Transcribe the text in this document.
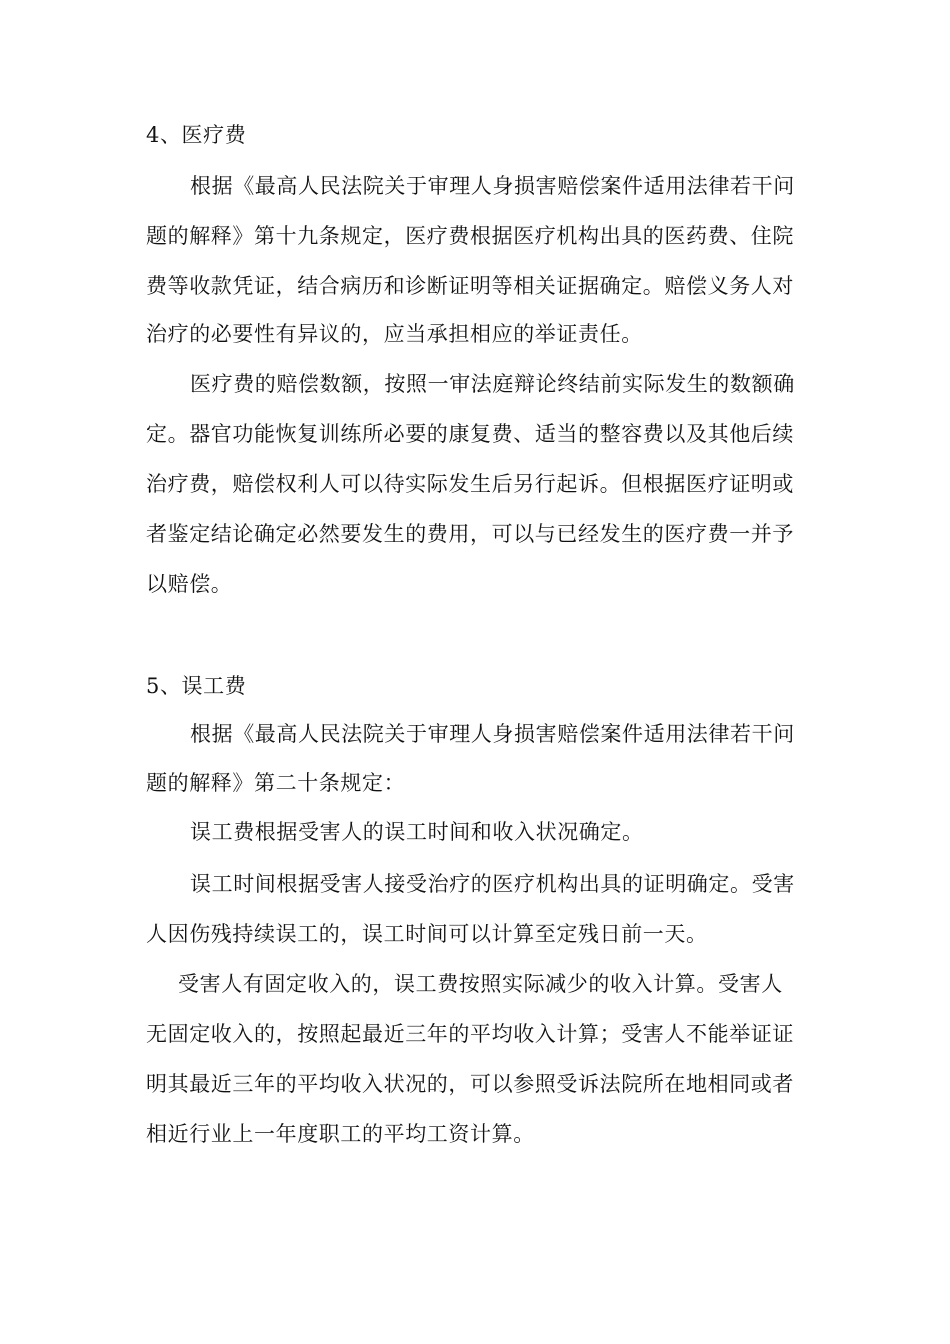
4、医疗费
根据《最高人民法院关于审理人身损害赔偿案件适用法律若干问
题的解释》第十九条规定，医疗费根据医疗机构出具的医药费、住院
费等收款凭证，结合病历和诊断证明等相关证据确定。赔偿义务人对
治疗的必要性有异议的，应当承担相应的举证责任。
医疗费的赔偿数额，按照一审法庭辩论终结前实际发生的数额确
定。器官功能恢复训练所必要的康复费、适当的整容费以及其他后续
治疗费，赔偿权利人可以待实际发生后另行起诉。但根据医疗证明或
者鉴定结论确定必然要发生的费用，可以与已经发生的医疗费一并予
以赔偿。
5、误工费
根据《最高人民法院关于审理人身损害赔偿案件适用法律若干问
题的解释》第二十条规定：
误工费根据受害人的误工时间和收入状况确定。
误工时间根据受害人接受治疗的医疗机构出具的证明确定。受害
人因伤残持续误工的，误工时间可以计算至定残日前一天。
受害人有固定收入的，误工费按照实际减少的收入计算。受害人
无固定收入的，按照起最近三年的平均收入计算；受害人不能举证证
明其最近三年的平均收入状况的，可以参照受诉法院所在地相同或者
相近行业上一年度职工的平均工资计算。
